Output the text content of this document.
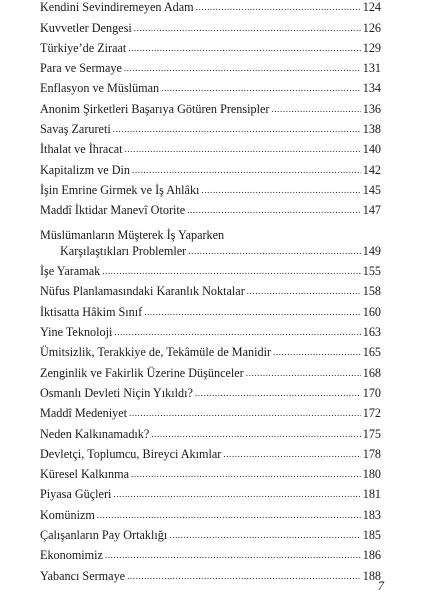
Kendini Sevindiremeyen Adam .....	124
Kuvvetler Dengesi .....	126
Türkiye’de Ziraat .....	129
Para ve Sermaye .....	131
Enflasyon ve Müslüman .....	134
Anonim Şirketleri Başarıya Götüren Prensipler .....	136
Savaş Zarureti .....	138
İthalat ve İhracat .....	140
Kapitalizm ve Din .....	142
İşin Emrine Girmek ve İş Ahlâkı .....	145
Maddî İktidar Manevî Otorite .....	147
Müslümanların Müşterek İş Yaparken
Karşılaştıkları Problemler .....	149
İşe Yaramak .....	155
Nüfus Planlamasındaki Karanlık Noktalar .....	158
İktisatta Hâkim Sınıf .....	160
Yine Teknoloji .....	163
Ümitsizlik, Terakkiye de, Tekâmüle de Manidir .....	165
Zenginlik ve Fakirlik Üzerine Düşünceler .....	168
Osmanlı Devleti Niçin Yıkıldı? .....	170
Maddî Medeniyet .....	172
Neden Kalkınamadık? .....	175
Devletçi, Toplumcu, Bireyci Akımlar .....	178
Küresel Kalkınma .....	180
Piyasa Güçleri .....	181
Komünizm .....	183
Çalışanların Pay Ortaklığı .....	185
Ekonomimiz .....	186
Yabancı Sermaye .....	188
7
